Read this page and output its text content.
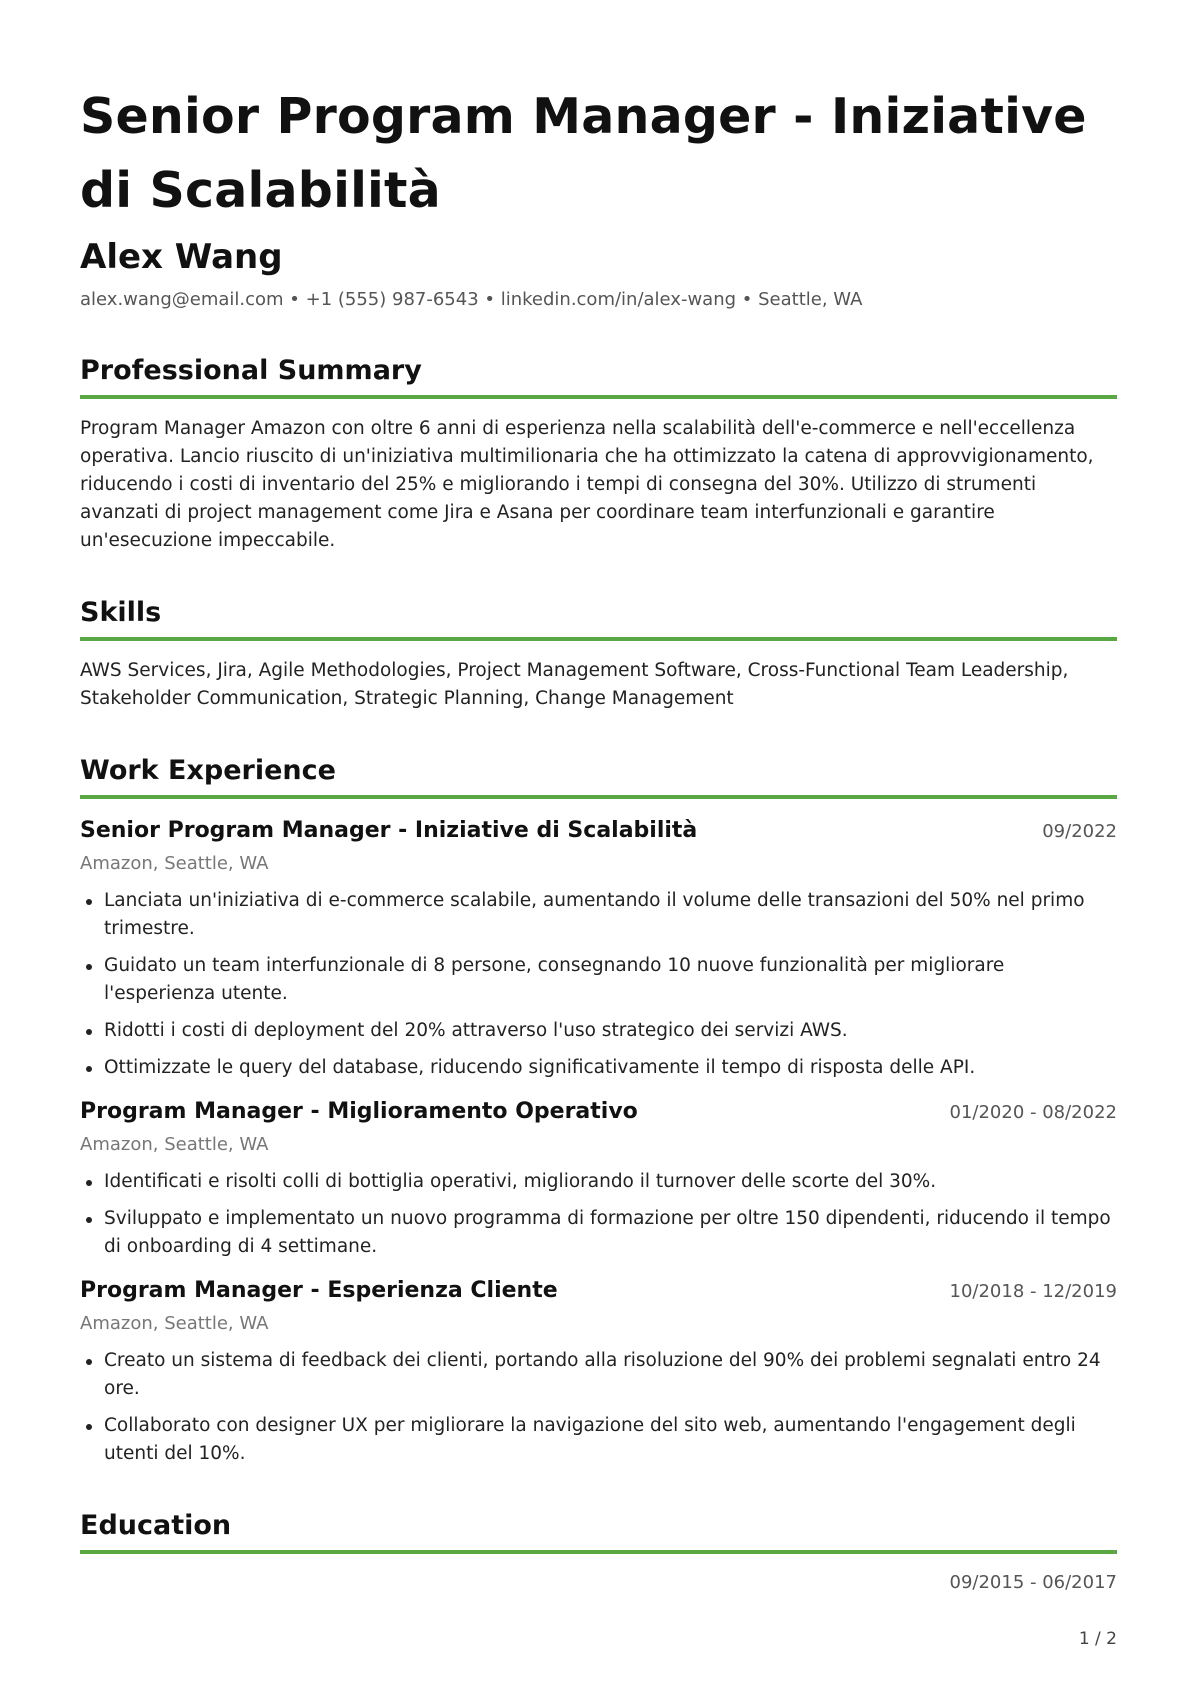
Senior Program Manager - Iniziative di Scalabilità
Alex Wang
alex.wang@email.com • +1 (555) 987-6543 • linkedin.com/in/alex-wang • Seattle, WA
Professional Summary
Program Manager Amazon con oltre 6 anni di esperienza nella scalabilità dell'e-commerce e nell'eccellenza operativa. Lancio riuscito di un'iniziativa multimilionaria che ha ottimizzato la catena di approvvigionamento, riducendo i costi di inventario del 25% e migliorando i tempi di consegna del 30%. Utilizzo di strumenti avanzati di project management come Jira e Asana per coordinare team interfunzionali e garantire un'esecuzione impeccabile.
Skills
AWS Services, Jira, Agile Methodologies, Project Management Software, Cross-Functional Team Leadership, Stakeholder Communication, Strategic Planning, Change Management
Work Experience
Senior Program Manager - Iniziative di Scalabilità	09/2022
Amazon, Seattle, WA
Lanciata un'iniziativa di e-commerce scalabile, aumentando il volume delle transazioni del 50% nel primo trimestre.
Guidato un team interfunzionale di 8 persone, consegnando 10 nuove funzionalità per migliorare l'esperienza utente.
Ridotti i costi di deployment del 20% attraverso l'uso strategico dei servizi AWS.
Ottimizzate le query del database, riducendo significativamente il tempo di risposta delle API.
Program Manager - Miglioramento Operativo	01/2020 - 08/2022
Amazon, Seattle, WA
Identificati e risolti colli di bottiglia operativi, migliorando il turnover delle scorte del 30%.
Sviluppato e implementato un nuovo programma di formazione per oltre 150 dipendenti, riducendo il tempo di onboarding di 4 settimane.
Program Manager - Esperienza Cliente	10/2018 - 12/2019
Amazon, Seattle, WA
Creato un sistema di feedback dei clienti, portando alla risoluzione del 90% dei problemi segnalati entro 24 ore.
Collaborato con designer UX per migliorare la navigazione del sito web, aumentando l'engagement degli utenti del 10%.
Education
09/2015 - 06/2017
1 / 2
